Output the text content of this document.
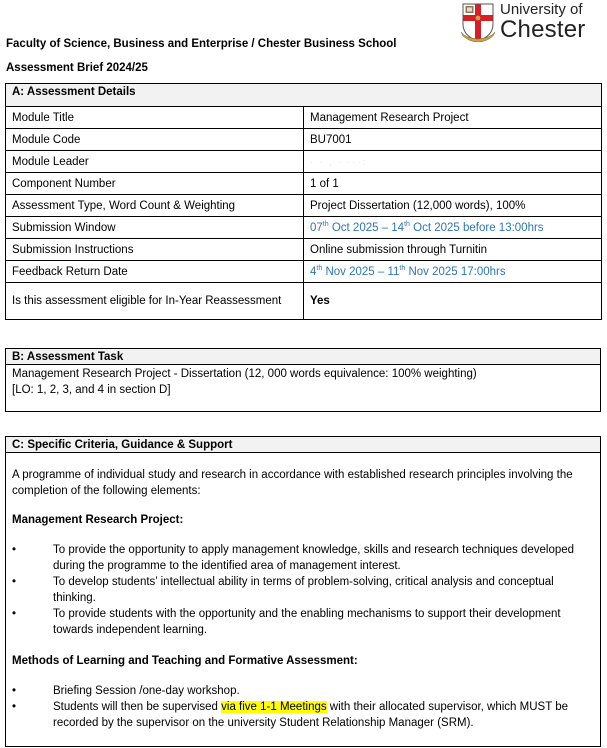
University of
Chester
Faculty of Science, Business and Enterprise / Chester Business School
Assessment Brief 2024/25
A: Assessment Details	
Module Title	Management Research Project
Module Code	BU7001
Module Leader	· · , · ···:
Component Number	1 of 1
Assessment Type, Word Count & Weighting	Project Dissertation (12,000 words), 100%
Submission Window	07th Oct 2025 – 14th Oct 2025 before 13:00hrs
Submission Instructions	Online submission through Turnitin
Feedback Return Date	4th Nov 2025 – 11th Nov 2025 17:00hrs
Is this assessment eligible for In-Year Reassessment	Yes
B: Assessment Task
Management Research Project - Dissertation (12, 000 words equivalence: 100% weighting)
[LO: 1, 2, 3, and 4 in section D]
C: Specific Criteria, Guidance & Support
A programme of individual study and research in accordance with established research principles involving the completion of the following elements:
Management Research Project:
•	To provide the opportunity to apply management knowledge, skills and research techniques developed during the programme to the identified area of management interest.
•	To develop students’ intellectual ability in terms of problem-solving, critical analysis and conceptual thinking.
•	To provide students with the opportunity and the enabling mechanisms to support their development towards independent learning.
Methods of Learning and Teaching and Formative Assessment:
•	Briefing Session /one-day workshop.
•	Students will then be supervised via five 1-1 Meetings with their allocated supervisor, which MUST be recorded by the supervisor on the university Student Relationship Manager (SRM).
